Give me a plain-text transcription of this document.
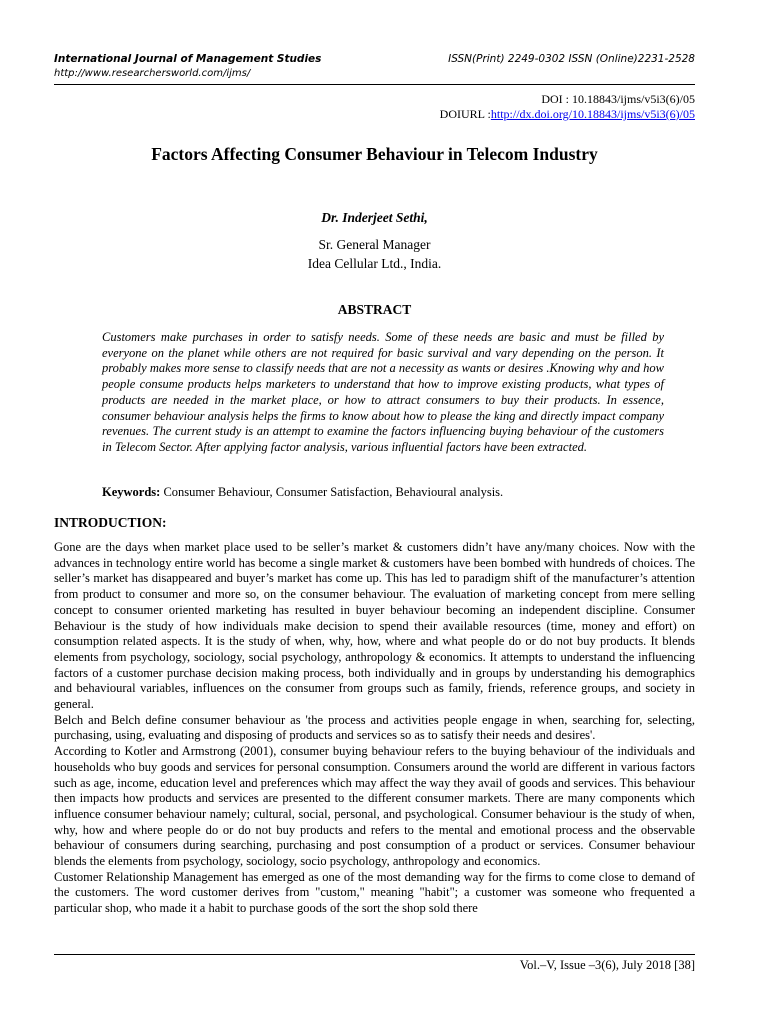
International Journal of Management Studies	ISSN(Print) 2249-0302 ISSN (Online)2231-2528
http://www.researchersworld.com/ijms/
DOI : 10.18843/ijms/v5i3(6)/05
DOIURL :http://dx.doi.org/10.18843/ijms/v5i3(6)/05
Factors Affecting Consumer Behaviour in Telecom Industry
Dr. Inderjeet Sethi,
Sr. General Manager
Idea Cellular Ltd., India.
ABSTRACT

Customers make purchases in order to satisfy needs. Some of these needs are basic and must be filled by everyone on the planet while others are not required for basic survival and vary depending on the person. It probably makes more sense to classify needs that are not a necessity as wants or desires .Knowing why and how people consume products helps marketers to understand that how to improve existing products, what types of products are needed in the market place, or how to attract consumers to buy their products. In essence, consumer behaviour analysis helps the firms to know about how to please the king and directly impact company revenues. The current study is an attempt to examine the factors influencing buying behaviour of the customers in Telecom Sector. After applying factor analysis, various influential factors have been extracted.

Keywords: Consumer Behaviour, Consumer Satisfaction, Behavioural analysis.
INTRODUCTION:

Gone are the days when market place used to be seller’s market & customers didn’t have any/many choices. Now with the advances in technology entire world has become a single market & customers have been bombed with hundreds of choices. The seller’s market has disappeared and buyer’s market has come up. This has led to paradigm shift of the manufacturer’s attention from product to consumer and more so, on the consumer behaviour. The evaluation of marketing concept from mere selling concept to consumer oriented marketing has resulted in buyer behaviour becoming an independent discipline. Consumer Behaviour is the study of how individuals make decision to spend their available resources (time, money and effort) on consumption related aspects. It is the study of when, why, how, where and what people do or do not buy products. It blends elements from psychology, sociology, social psychology, anthropology & economics. It attempts to understand the influencing factors of a customer purchase decision making process, both individually and in groups by understanding his demographics and behavioural variables, influences on the consumer from groups such as family, friends, reference groups, and society in general.

Belch and Belch define consumer behaviour as 'the process and activities people engage in when, searching for, selecting, purchasing, using, evaluating and disposing of products and services so as to satisfy their needs and desires'.

According to Kotler and Armstrong (2001), consumer buying behaviour refers to the buying behaviour of the individuals and households who buy goods and services for personal consumption. Consumers around the world are different in various factors such as age, income, education level and preferences which may affect the way they avail of goods and services. This behaviour then impacts how products and services are presented to the different consumer markets. There are many components which influence consumer behaviour namely; cultural, social, personal, and psychological. Consumer behaviour is the study of when, why, how and where people do or do not buy products and refers to the mental and emotional process and the observable behaviour of consumers during searching, purchasing and post consumption of a product or services. Consumer behaviour blends the elements from psychology, sociology, socio psychology, anthropology and economics.

Customer Relationship Management has emerged as one of the most demanding way for the firms to come close to demand of the customers. The word customer derives from "custom," meaning "habit"; a customer was someone who frequented a particular shop, who made it a habit to purchase goods of the sort the shop sold there

Vol.–V, Issue –3(6), July 2018 [38]
